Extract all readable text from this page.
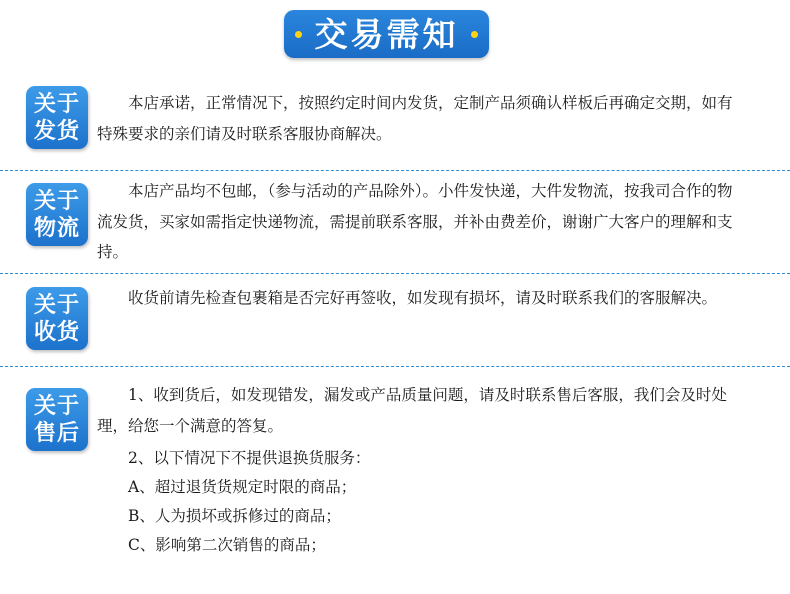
交易需知
关于
发货

本店承诺，正常情况下，按照约定时间内发货，定制产品须确认样板后再确定交期，如有特殊要求的亲们请及时联系客服协商解决。

关于
物流

本店产品均不包邮，（参与活动的产品除外）。小件发快递，大件发物流，按我司合作的物流发货，买家如需指定快递物流，需提前联系客服，并补由费差价，谢谢广大客户的理解和支持。

关于
收货

收货前请先检查包裹箱是否完好再签收，如发现有损坏，请及时联系我们的客服解决。

关于
售后

1、收到货后，如发现错发，漏发或产品质量问题，请及时联系售后客服，我们会及时处理，给您一个满意的答复。

2、以下情况下不提供退换货服务：

A、超过退货货规定时限的商品；

B、人为损坏或拆修过的商品；

C、影响第二次销售的商品；
